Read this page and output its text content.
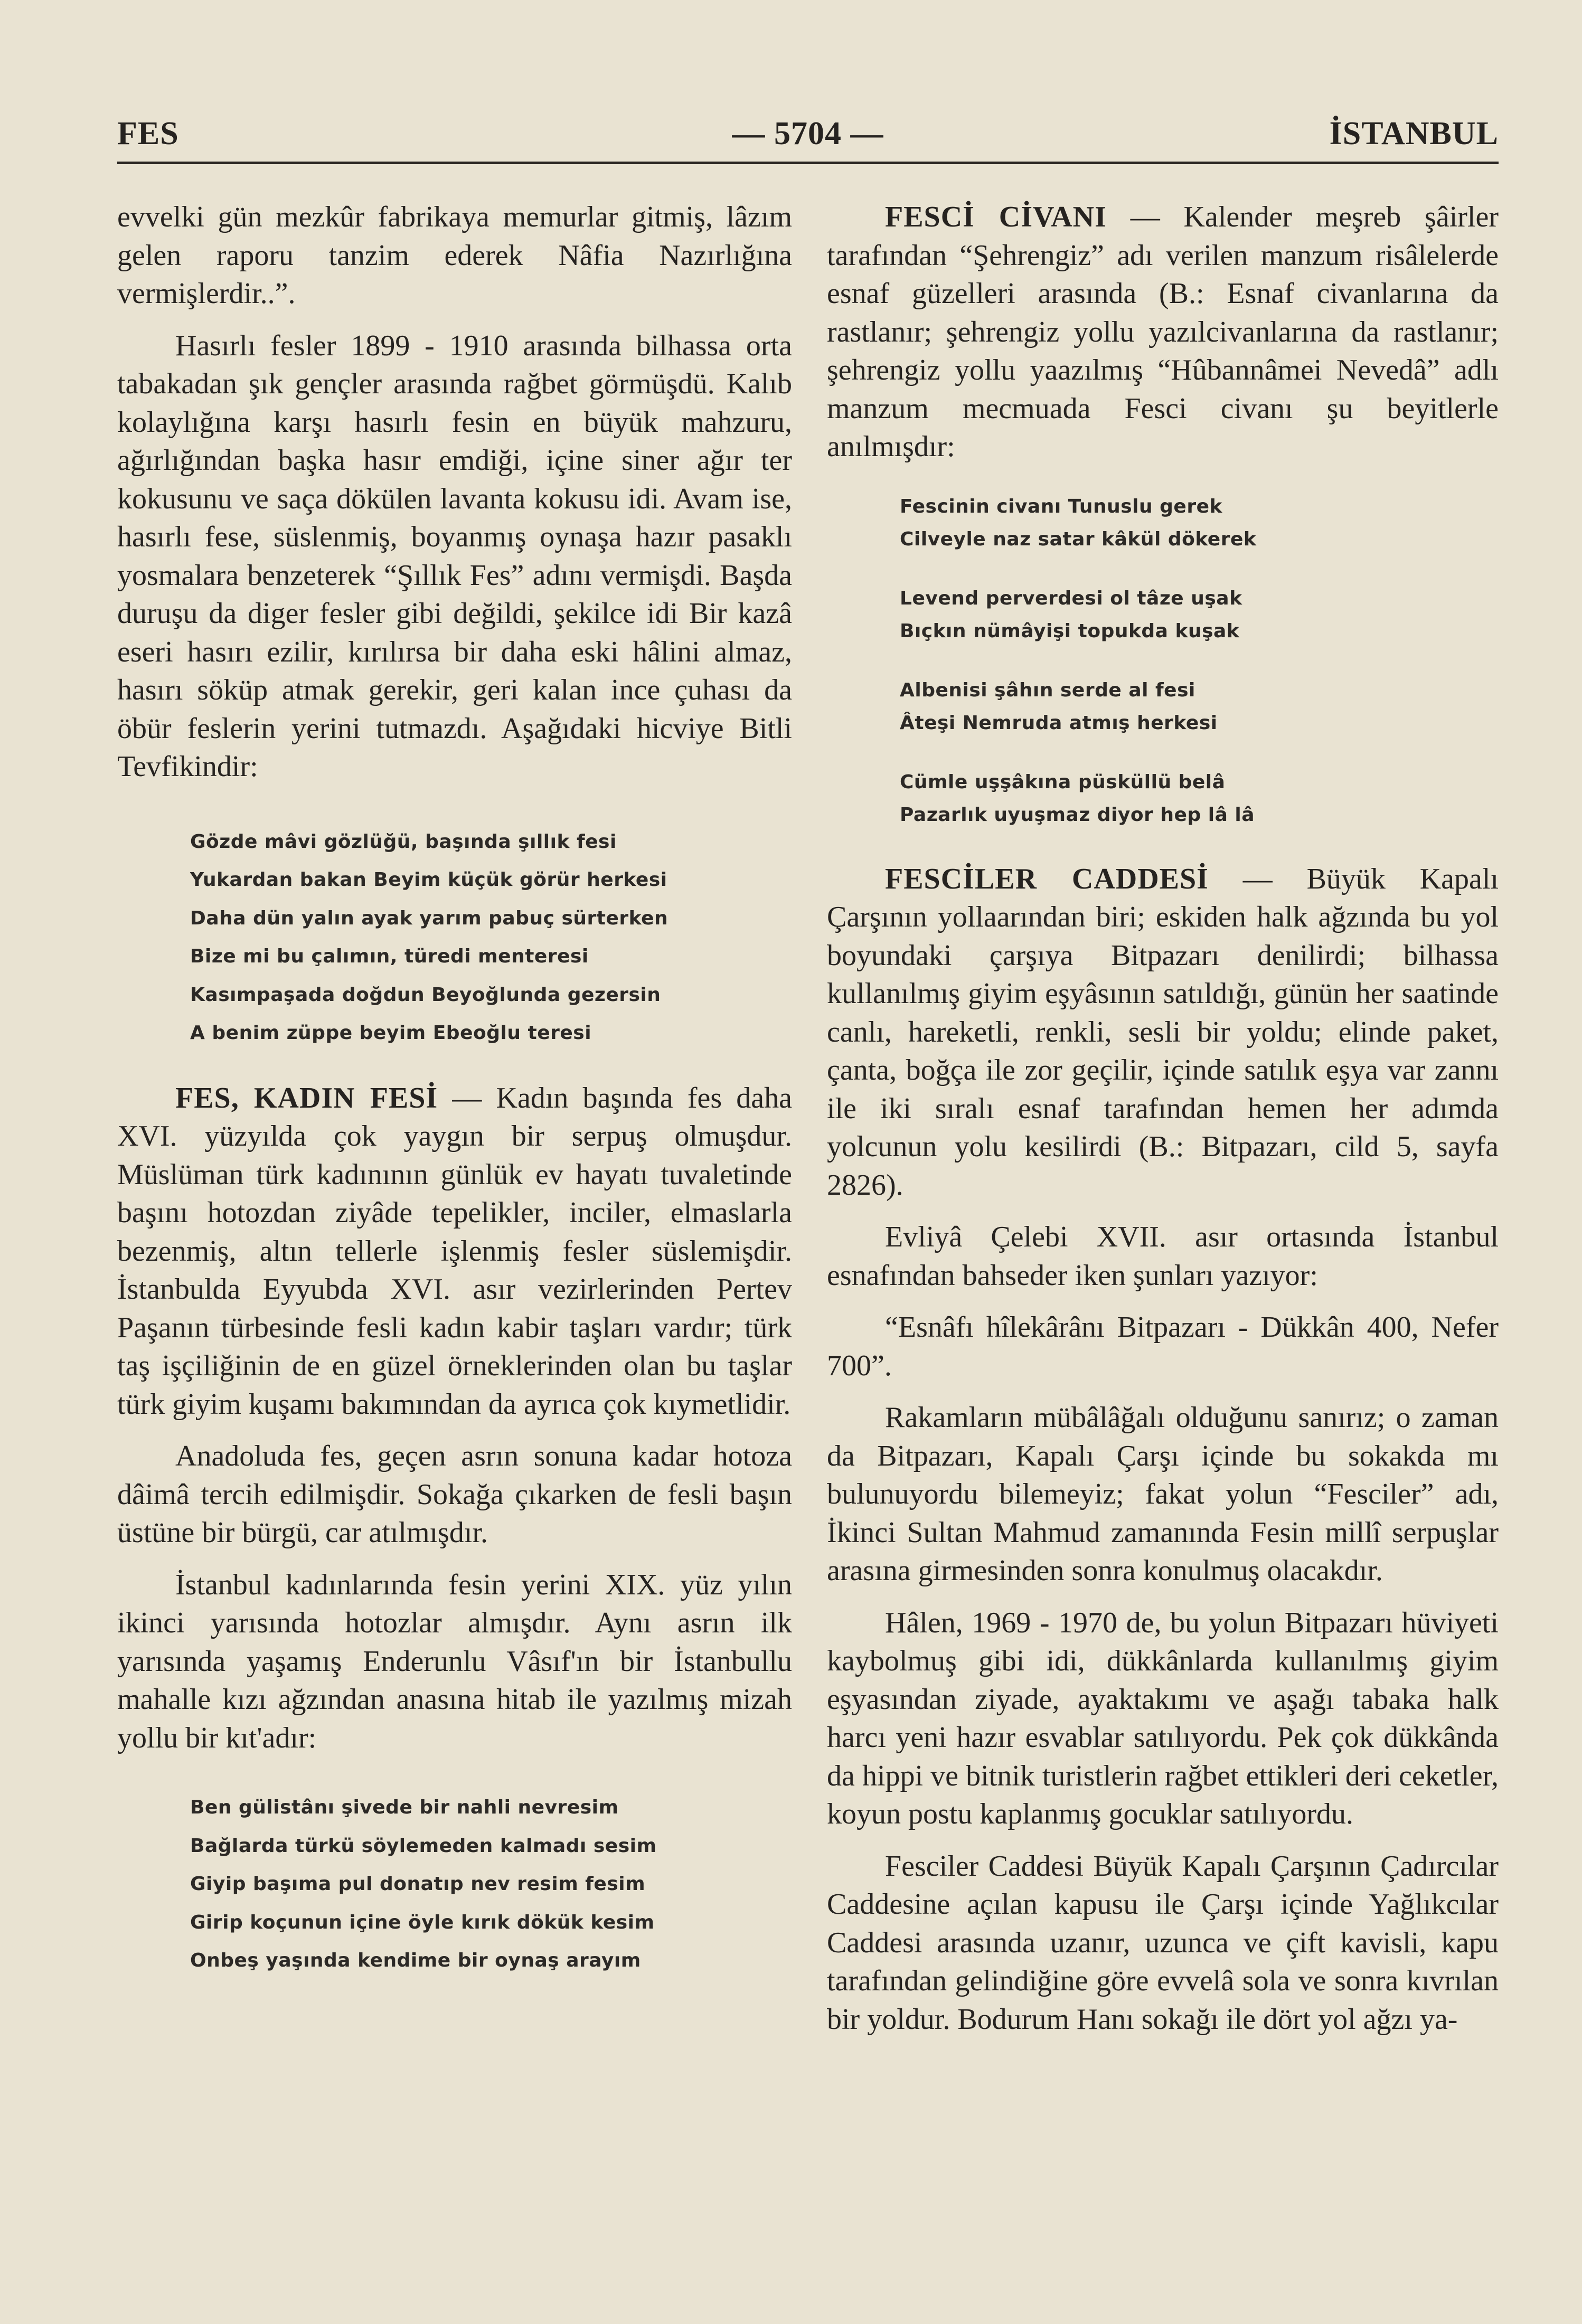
FES	— 5704 —	İSTANBUL

evvelki gün mezkûr fabrikaya memurlar gitmiş, lâzım gelen raporu tanzim ederek Nâfia Nazırlığına vermişlerdir..”.

Hasırlı fesler 1899 - 1910 arasında bilhassa orta tabakadan şık gençler arasında rağbet görmüşdü. Kalıb kolaylığına karşı hasırlı fesin en büyük mahzuru, ağırlığından başka hasır emdiği, içine siner ağır ter kokusunu ve saça dökülen lavanta kokusu idi. Avam ise, hasırlı fese, süslenmiş, boyanmış oynaşa hazır pasaklı yosmalara benzeterek “Şıllık Fes” adını vermişdi. Başda duruşu da diger fesler gibi değildi, şekilce idi Bir kazâ eseri hasırı ezilir, kırılırsa bir daha eski hâlini almaz, hasırı söküp atmak gerekir, geri kalan ince çuhası da öbür feslerin yerini tutmazdı. Aşağıdaki hicviye Bitli Tevfikindir:

Gözde mâvi gözlüğü, başında şıllık fesi
Yukardan bakan Beyim küçük görür herkesi
Daha dün yalın ayak yarım pabuç sürterken
Bize mi bu çalımın, türedi menteresi
Kasımpaşada doğdun Beyoğlunda gezersin
A benim züppe beyim Ebeoğlu teresi

FES, KADIN FESİ — Kadın başında fes daha XVI. yüzyılda çok yaygın bir serpuş olmuşdur. Müslüman türk kadınının günlük ev hayatı tuvaletinde başını hotozdan ziyâde tepelikler, inciler, elmaslarla bezenmiş, altın tellerle işlenmiş fesler süslemişdir. İstanbulda Eyyubda XVI. asır vezirlerinden Pertev Paşanın türbesinde fesli kadın kabir taşları vardır; türk taş işçiliğinin de en güzel örneklerinden olan bu taşlar türk giyim kuşamı bakımından da ayrıca çok kıymetlidir.

Anadoluda fes, geçen asrın sonuna kadar hotoza dâimâ tercih edilmişdir. Sokağa çıkarken de fesli başın üstüne bir bürgü, car atılmışdır.

İstanbul kadınlarında fesin yerini XIX. yüz yılın ikinci yarısında hotozlar almışdır. Aynı asrın ilk yarısında yaşamış Enderunlu Vâsıf'ın bir İstanbullu mahalle kızı ağzından anasına hitab ile yazılmış mizah yollu bir kıt'adır:

Ben gülistânı şivede bir nahli nevresim
Bağlarda türkü söylemeden kalmadı sesim
Giyip başıma pul donatıp nev resim fesim
Girip koçunun içine öyle kırık dökük kesim
Onbeş yaşında kendime bir oynaş arayım

FESCİ CİVANI — Kalender meşreb şâirler tarafından “Şehrengiz” adı verilen manzum risâlelerde esnaf güzelleri arasında (B.: Esnaf civanlarına da rastlanır; şehrengiz yollu yazılcivanlarına da rastlanır; şehrengiz yollu yaazılmış “Hûbannâmei Nevedâ” adlı manzum mecmuada Fesci civanı şu beyitlerle anılmışdır:

Fescinin civanı Tunuslu gerek
Cilveyle naz satar kâkül dökerek
Levend perverdesi ol tâze uşak
Bıçkın nümâyişi topukda kuşak
Albenisi şâhın serde al fesi
Âteşi Nemruda atmış herkesi
Cümle uşşâkına püsküllü belâ
Pazarlık uyuşmaz diyor hep lâ lâ

FESCİLER CADDESİ — Büyük Kapalı Çarşının yollaarından biri; eskiden halk ağzında bu yol boyundaki çarşıya Bitpazarı denilirdi; bilhassa kullanılmış giyim eşyâsının satıldığı, günün her saatinde canlı, hareketli, renkli, sesli bir yoldu; elinde paket, çanta, boğça ile zor geçilir, içinde satılık eşya var zannı ile iki sıralı esnaf tarafından hemen her adımda yolcunun yolu kesilirdi (B.: Bitpazarı, cild 5, sayfa 2826).

Evliyâ Çelebi XVII. asır ortasında İstanbul esnafından bahseder iken şunları yazıyor:

“Esnâfı hîlekârânı Bitpazarı - Dükkân 400, Nefer 700”.

Rakamların mübâlâğalı olduğunu sanırız; o zaman da Bitpazarı, Kapalı Çarşı içinde bu sokakda mı bulunuyordu bilemeyiz; fakat yolun “Fesciler” adı, İkinci Sultan Mahmud zamanında Fesin millî serpuşlar arasına girmesinden sonra konulmuş olacakdır.

Hâlen, 1969 - 1970 de, bu yolun Bitpazarı hüviyeti kaybolmuş gibi idi, dükkânlarda kullanılmış giyim eşyasından ziyade, ayaktakımı ve aşağı tabaka halk harcı yeni hazır esvablar satılıyordu. Pek çok dükkânda da hippi ve bitnik turistlerin rağbet ettikleri deri ceketler, koyun postu kaplanmış gocuklar satılıyordu.

Fesciler Caddesi Büyük Kapalı Çarşının Çadırcılar Caddesine açılan kapusu ile Çarşı içinde Yağlıkcılar Caddesi arasında uzanır, uzunca ve çift kavisli, kapu tarafından gelindiğine göre evvelâ sola ve sonra kıvrılan bir yoldur. Bodurum Hanı sokağı ile dört yol ağzı ya-
